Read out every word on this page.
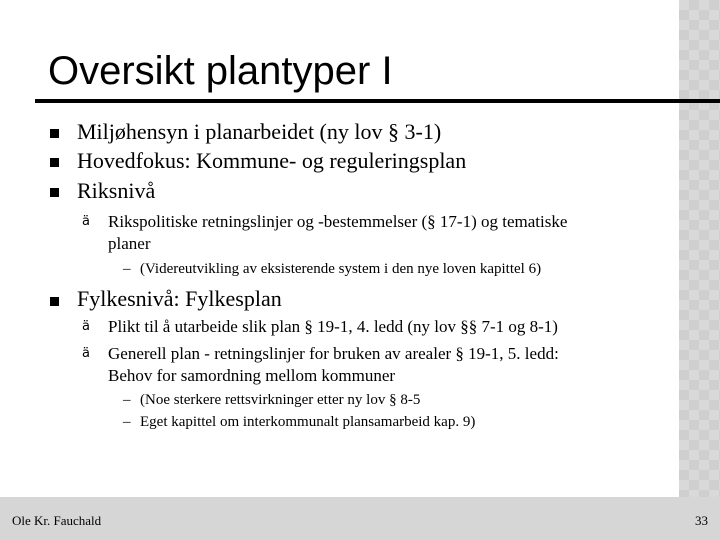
Oversikt plantyper I
Miljøhensyn i planarbeidet (ny lov § 3-1)
Hovedfokus: Kommune- og reguleringsplan
Riksnivå
ä Rikspolitiske retningslinjer og -bestemmelser (§ 17-1) og tematiske
planer
– (Videreutvikling av eksisterende system i den nye loven kapittel 6)
Fylkesnivå: Fylkesplan
ä Plikt til å utarbeide slik plan § 19-1, 4. ledd (ny lov §§ 7-1 og 8-1)
ä Generell plan - retningslinjer for bruken av arealer § 19-1, 5. ledd:
Behov for samordning mellom kommuner
– (Noe sterkere rettsvirkninger etter ny lov § 8-5
– Eget kapittel om interkommunalt plansamarbeid kap. 9)
Ole Kr. Fauchald	33
